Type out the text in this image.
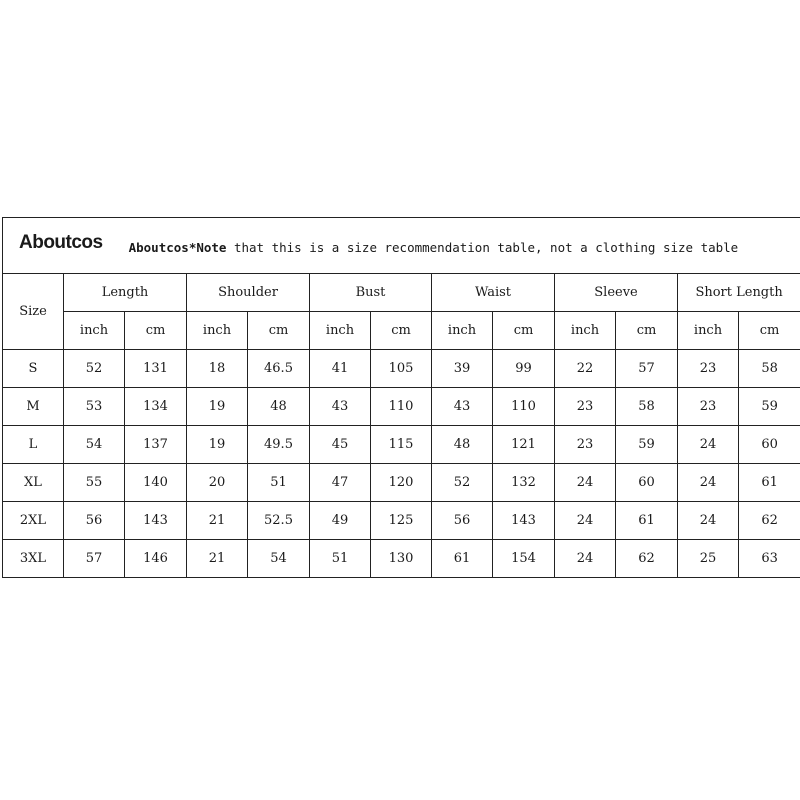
Aboutcos Aboutcos*Note that this is a size recommendation table, not a clothing size table												
Size	Length		Shoulder		Bust		Waist		Sleeve		Short Length	
	inch	cm	inch	cm	inch	cm	inch	cm	inch	cm	inch	cm
S	52	131	18	46.5	41	105	39	99	22	57	23	58
M	53	134	19	48	43	110	43	110	23	58	23	59
L	54	137	19	49.5	45	115	48	121	23	59	24	60
XL	55	140	20	51	47	120	52	132	24	60	24	61
2XL	56	143	21	52.5	49	125	56	143	24	61	24	62
3XL	57	146	21	54	51	130	61	154	24	62	25	63
